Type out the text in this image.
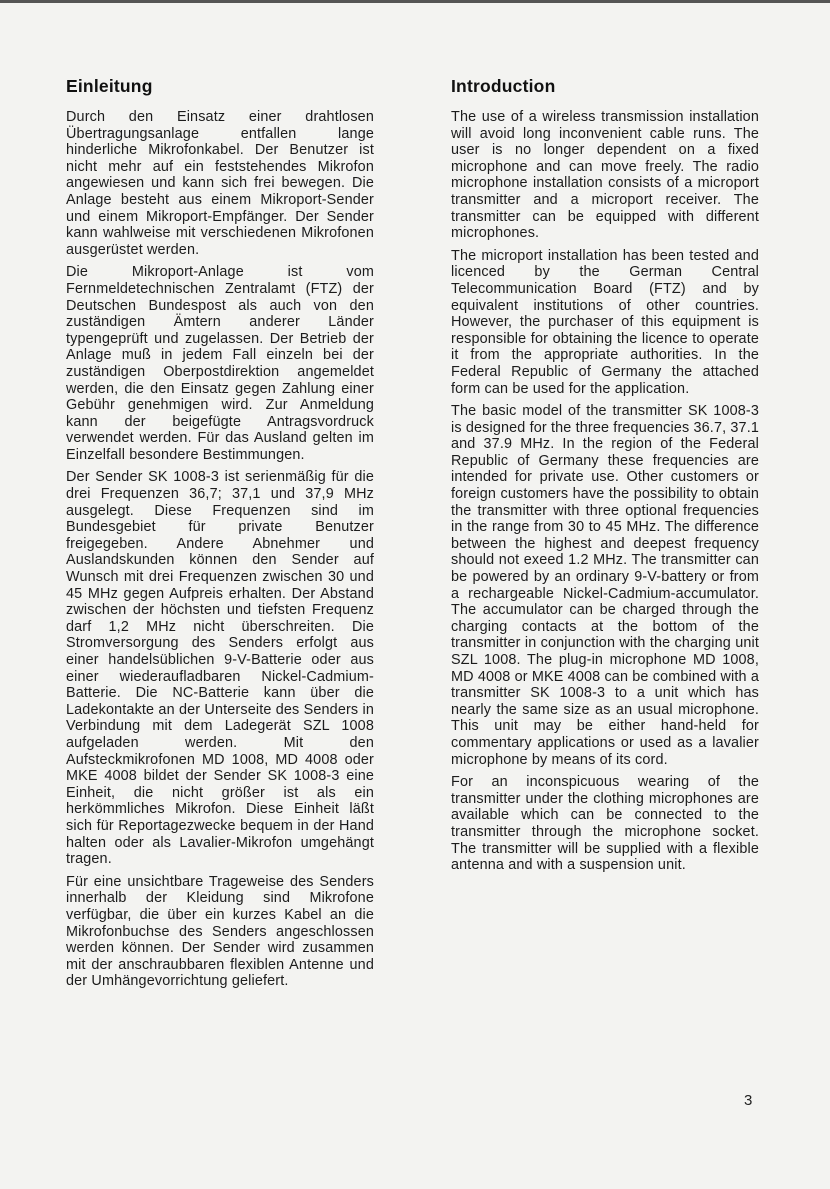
Einleitung

Durch den Einsatz einer drahtlosen Übertragungsanlage entfallen lange hinderliche Mikrofonkabel. Der Benutzer ist nicht mehr auf ein feststehendes Mikrofon angewiesen und kann sich frei bewegen. Die Anlage besteht aus einem Mikroport-Sender und einem Mikroport-Empfänger. Der Sender kann wahlweise mit verschiedenen Mikrofonen ausgerüstet werden.

Die Mikroport-Anlage ist vom Fernmeldetechnischen Zentralamt (FTZ) der Deutschen Bundespost als auch von den zuständigen Ämtern anderer Länder typengeprüft und zugelassen. Der Betrieb der Anlage muß in jedem Fall einzeln bei der zuständigen Oberpostdirektion angemeldet werden, die den Einsatz gegen Zahlung einer Gebühr genehmigen wird. Zur Anmeldung kann der beigefügte Antragsvordruck verwendet werden. Für das Ausland gelten im Einzelfall besondere Bestimmungen.

Der Sender SK 1008-3 ist serienmäßig für die drei Frequenzen 36,7; 37,1 und 37,9 MHz ausgelegt. Diese Frequenzen sind im Bundesgebiet für private Benutzer freigegeben. Andere Abnehmer und Auslandskunden können den Sender auf Wunsch mit drei Frequenzen zwischen 30 und 45 MHz gegen Aufpreis erhalten. Der Abstand zwischen der höchsten und tiefsten Frequenz darf 1,2 MHz nicht überschreiten. Die Stromversorgung des Senders erfolgt aus einer handelsüblichen 9-V-Batterie oder aus einer wiederaufladbaren Nickel-Cadmium-Batterie. Die NC-Batterie kann über die Ladekontakte an der Unterseite des Senders in Verbindung mit dem Ladegerät SZL 1008 aufgeladen werden. Mit den Aufsteckmikrofonen MD 1008, MD 4008 oder MKE 4008 bildet der Sender SK 1008-3 eine Einheit, die nicht größer ist als ein herkömmliches Mikrofon. Diese Einheit läßt sich für Reportagezwecke bequem in der Hand halten oder als Lavalier-Mikrofon umgehängt tragen.

Für eine unsichtbare Trageweise des Senders innerhalb der Kleidung sind Mikrofone verfügbar, die über ein kurzes Kabel an die Mikrofonbuchse des Senders angeschlossen werden können. Der Sender wird zusammen mit der anschraubbaren flexiblen Antenne und der Umhängevorrichtung geliefert.

Introduction

The use of a wireless transmission installation will avoid long inconvenient cable runs. The user is no longer dependent on a fixed microphone and can move freely. The radio microphone installation consists of a microport transmitter and a microport receiver. The transmitter can be equipped with different microphones.

The microport installation has been tested and licenced by the German Central Telecommunication Board (FTZ) and by equivalent institutions of other countries. However, the purchaser of this equipment is responsible for obtaining the licence to operate it from the appropriate authorities. In the Federal Republic of Germany the attached form can be used for the application.

The basic model of the transmitter SK 1008-3 is designed for the three frequencies 36.7, 37.1 and 37.9 MHz. In the region of the Federal Republic of Germany these frequencies are intended for private use. Other customers or foreign customers have the possibility to obtain the transmitter with three optional frequencies in the range from 30 to 45 MHz. The difference between the highest and deepest frequency should not exeed 1.2 MHz. The transmitter can be powered by an ordinary 9-V-battery or from a rechargeable Nickel-Cadmium-accumulator. The accumulator can be charged through the charging contacts at the bottom of the transmitter in conjunction with the charging unit SZL 1008. The plug-in microphone MD 1008, MD 4008 or MKE 4008 can be combined with a transmitter SK 1008-3 to a unit which has nearly the same size as an usual microphone. This unit may be either hand-held for commentary applications or used as a lavalier microphone by means of its cord.

For an inconspicuous wearing of the transmitter under the clothing microphones are available which can be connected to the transmitter through the microphone socket. The transmitter will be supplied with a flexible antenna and with a suspension unit.

3
